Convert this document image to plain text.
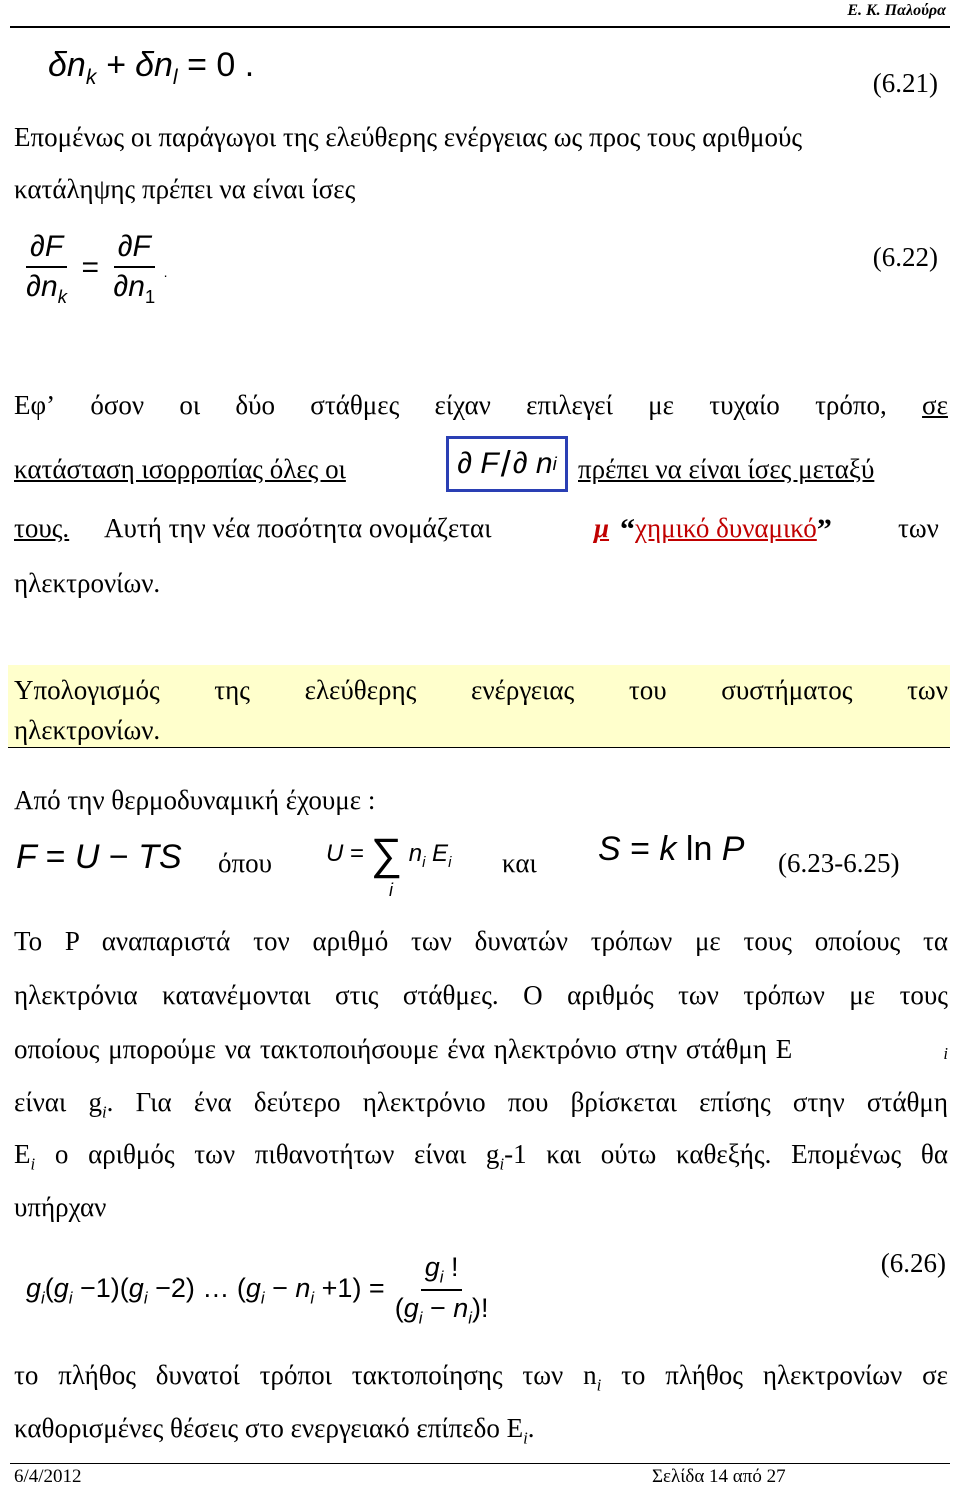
Ε. Κ. Παλούρα
$\delta n_k + \delta n_l = 0$ .	(6.21)
Επομένως οι παράγωγοι της ελεύθερης ενέργειας ως προς τους αριθμούς
κατάληψης πρέπει να είναι ίσες
$\frac{\partial F}{\partial n_k} = \frac{\partial F}{\partial n_1}$ .	(6.22)
Εφ’ όσον οι δύο στάθμες είχαν επιλεγεί με τυχαίο τρόπο, σε
κατάσταση ισορροπίας όλες οι	∂ F / ∂ n i πρέπει να είναι ίσες μεταξύ
τους. Αυτή την νέα ποσότητα ονομάζεται	μ “χημικό δυναμικό” των
ηλεκτρονίων.
Υπολογισμός της ελεύθερης ενέργειας του συστήματος των
ηλεκτρονίων.
Από την θερμοδυναμική έχουμε :
F = U − TS όπου U = ∑ $n_i$ $E_i$
i
και S = k ln P (6.23-6.25)
Το P αναπαριστά τον αριθμό των δυνατών τρόπων με τους οποίους τα
ηλεκτρόνια κατανέμονται στις στάθμες. Ο αριθμός των τρόπων με τους
οποίους μπορούμε να τακτοποιήσουμε ένα ηλεκτρόνιο στην στάθμη E	i
είναι $g_i$. Για ένα δεύτερο ηλεκτρόνιο που βρίσκεται επίσης στην στάθμη
$E_i$ ο αριθμός των πιθανοτήτων είναι $g_i-1$ και ούτω καθεξής. Επομένως θα
υπήρχαν
$g_i(g_i -1)(g_i -2)$ … $(g_i - n_i +1) = \frac{g_i !}{(g_i - n_i)!}$	(6.26)
το πλήθος δυνατοί τρόποι τακτοποίησης των $n_i$ το πλήθος ηλεκτρονίων σε
καθορισμένες θέσεις στο ενεργειακό επίπεδο $E_i$.
6/4/2012	Σελίδα 14 από 27
